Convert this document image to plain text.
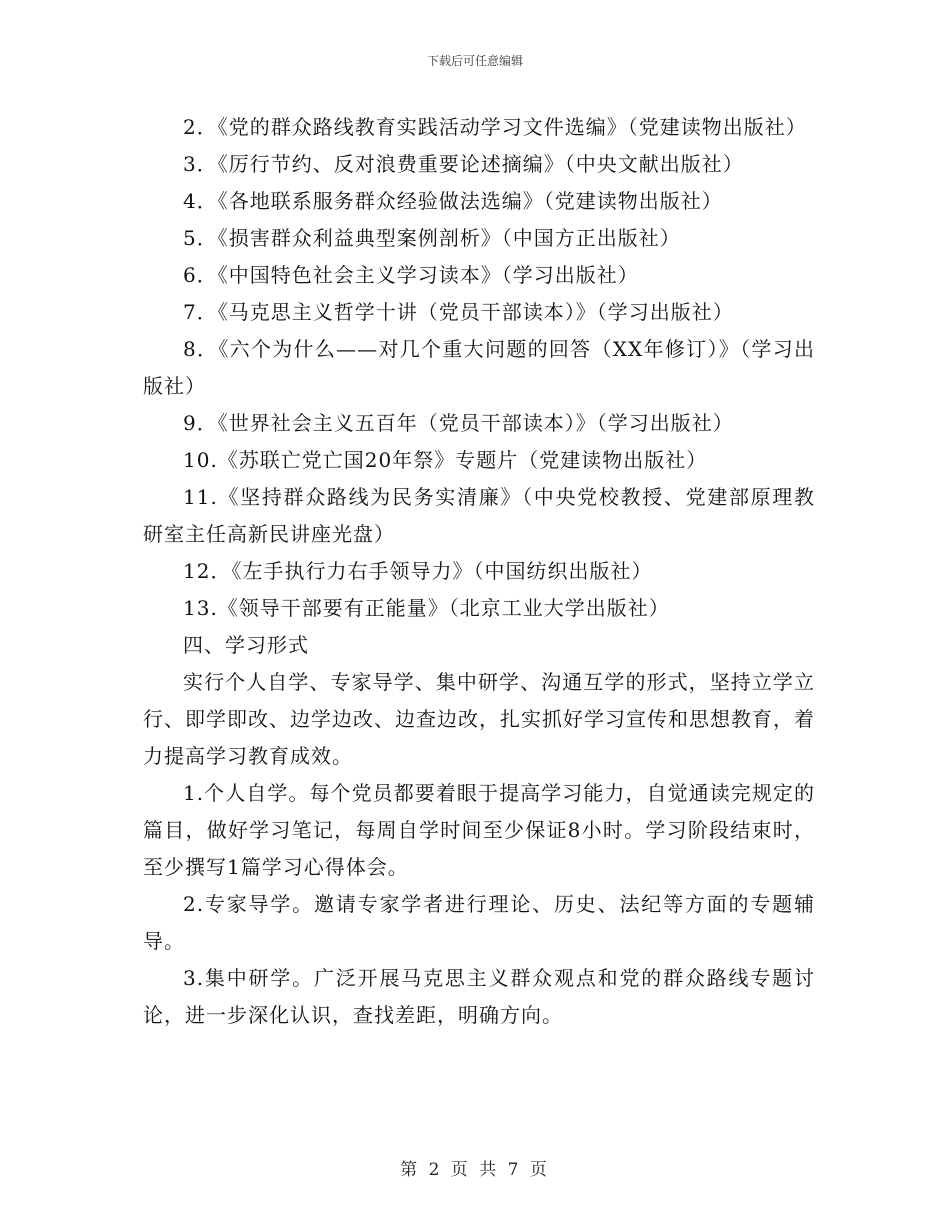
下载后可任意编辑

2．《党的群众路线教育实践活动学习文件选编》（党建读物出版社）

3．《厉行节约、反对浪费重要论述摘编》（中央文献出版社）

4．《各地联系服务群众经验做法选编》（党建读物出版社）

5．《损害群众利益典型案例剖析》（中国方正出版社）

6．《中国特色社会主义学习读本》（学习出版社）

7．《马克思主义哲学十讲（党员干部读本）》（学习出版社）

8．《六个为什么——对几个重大问题的回答（XX年修订）》（学习出版社）

9．《世界社会主义五百年（党员干部读本）》（学习出版社）

10.《苏联亡党亡国20年祭》专题片（党建读物出版社）

11.《坚持群众路线为民务实清廉》（中央党校教授、党建部原理教研室主任高新民讲座光盘）

12．《左手执行力右手领导力》（中国纺织出版社）

13.《领导干部要有正能量》（北京工业大学出版社）

四、学习形式

实行个人自学、专家导学、集中研学、沟通互学的形式，坚持立学立行、即学即改、边学边改、边查边改，扎实抓好学习宣传和思想教育，着力提高学习教育成效。

1.个人自学。每个党员都要着眼于提高学习能力，自觉通读完规定的篇目，做好学习笔记，每周自学时间至少保证8小时。学习阶段结束时，至少撰写1篇学习心得体会。

2.专家导学。邀请专家学者进行理论、历史、法纪等方面的专题辅导。

3.集中研学。广泛开展马克思主义群众观点和党的群众路线专题讨论，进一步深化认识，查找差距，明确方向。

第 2 页 共 7 页
